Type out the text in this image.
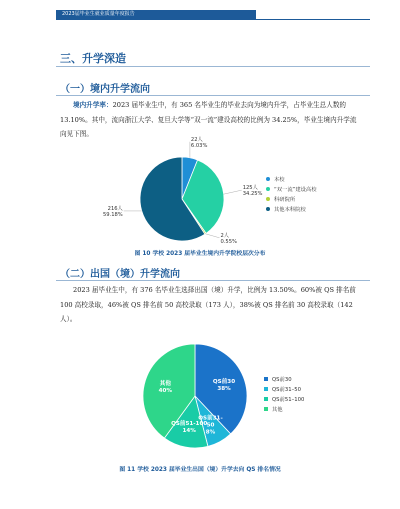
2023届毕业生就业质量年度报告
三、升学深造
（一）境内升学流向

境内升学率：2023 届毕业生中，有 365 名毕业生的毕业去向为境内升学，占毕业生总人数的 13.10%。其中，流向浙江大学、复旦大学等“双一流”建设高校的比例为 34.25%，毕业生境内升学流向见下图。

22人
6.03%
125人
34.25%
2人
0.55%
216人
59.18%
本校
“双一流”建设高校
科研院所
其他本科院校
图 10 学校 2023 届毕业生境内升学院校层次分布
（二）出国（境）升学流向

2023 届毕业生中，有 376 名毕业生选择出国（境）升学，比例为 13.50%。60%被 QS 排名前 100 高校录取，46%被 QS 排名前 50 高校录取（173 人），38%被 QS 排名前 30 高校录取（142 人）。

QS前30
38%
QS前31-
50
8%
QS前51-100
14%
其他
40%
QS前30
QS前31–50
QS前51–100
其他
图 11 学校 2023 届毕业生出国（境）升学去向 QS 排名情况
